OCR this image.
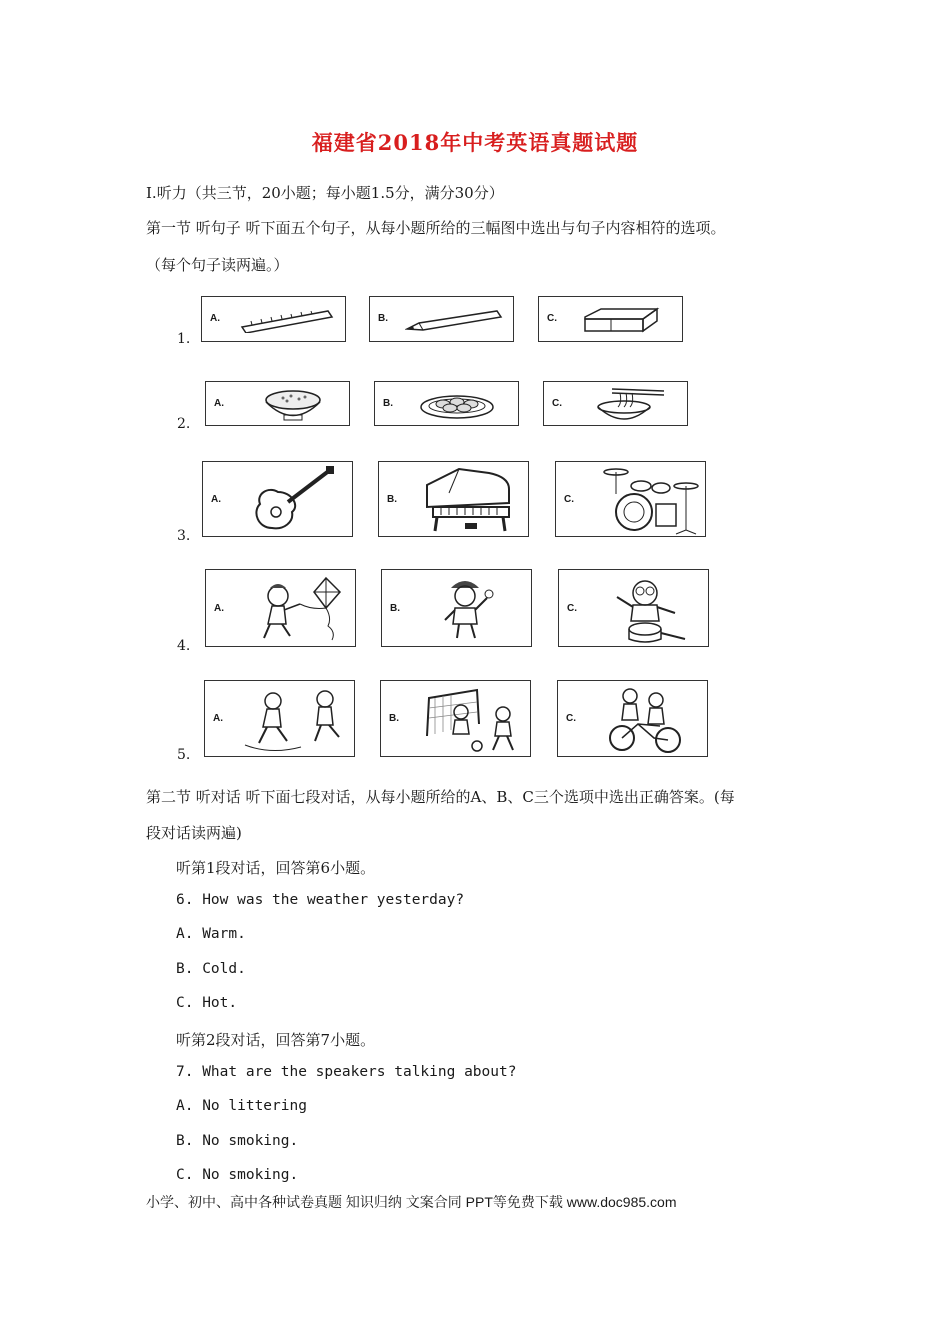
福建省2018年中考英语真题试题
Ⅰ.听力（共三节，20小题；每小题1.5分，满分30分）
第一节 听句子 听下面五个句子，从每小题所给的三幅图中选出与句子内容相符的选项。
（每个句子读两遍。）
1.
A.	B.	C.
2.
A.	B.	C.
3.
A.	B.	C.
4.
A.	B.	C.
5.
A.	B.	C.
第二节 听对话 听下面七段对话，从每小题所给的A、B、C三个选项中选出正确答案。(每
段对话读两遍)
听第1段对话，回答第6小题。
6. How was the weather yesterday?
A. Warm.
B. Cold.
C. Hot.
听第2段对话，回答第7小题。
7. What are the speakers talking about?
A. No littering
B. No smoking.
C. No smoking.
小学、初中、高中各种试卷真题 知识归纳 文案合同 PPT等免费下载 www.doc985.com
